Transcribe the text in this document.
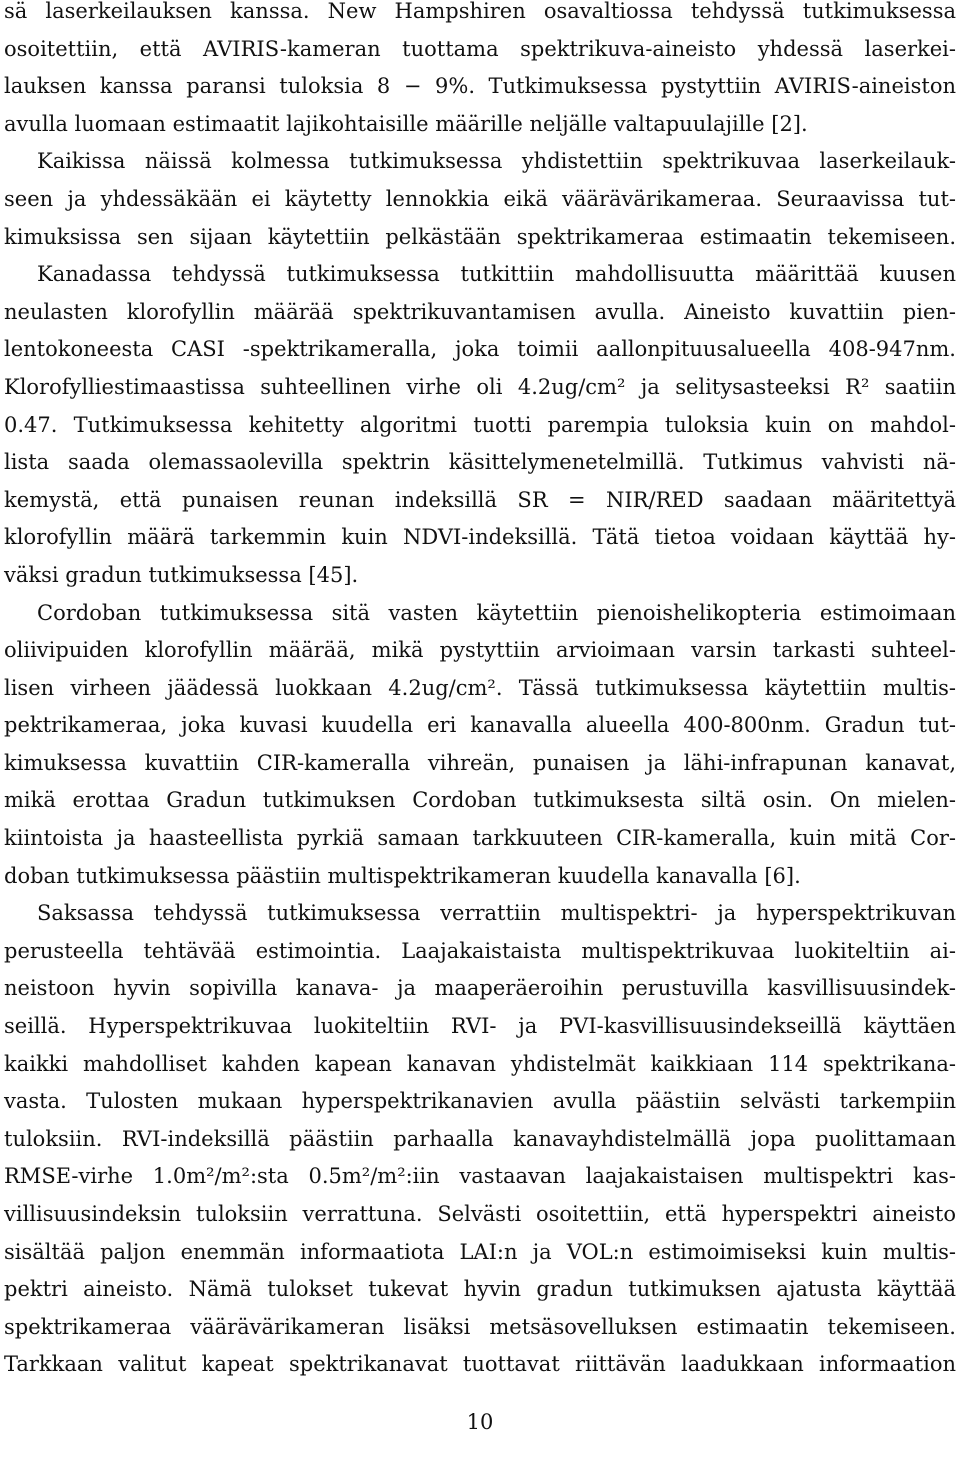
sä laserkeilauksen kanssa. New Hampshiren osavaltiossa tehdyssä tutkimuksessa
osoitettiin, että AVIRIS-kameran tuottama spektrikuva-aineisto yhdessä laserkei-
lauksen kanssa paransi tuloksia 8 − 9%. Tutkimuksessa pystyttiin AVIRIS-aineiston
avulla luomaan estimaatit lajikohtaisille määrille neljälle valtapuulajille [2].

Kaikissa näissä kolmessa tutkimuksessa yhdistettiin spektrikuvaa laserkeilauk-
seen ja yhdessäkään ei käytetty lennokkia eikä väärävärikameraa. Seuraavissa tut-
kimuksissa sen sijaan käytettiin pelkästään spektrikameraa estimaatin tekemiseen.
Kanadassa tehdyssä tutkimuksessa tutkittiin mahdollisuutta määrittää kuusen
neulasten klorofyllin määrää spektrikuvantamisen avulla. Aineisto kuvattiin pien-
lentokoneesta CASI -spektrikameralla, joka toimii aallonpituusalueella 408-947nm.
Klorofylliestimaastissa suhteellinen virhe oli 4.2ug/cm² ja selitysasteeksi R² saatiin
0.47. Tutkimuksessa kehitetty algoritmi tuotti parempia tuloksia kuin on mahdol-
lista saada olemassaolevilla spektrin käsittelymenetelmillä. Tutkimus vahvisti nä-
kemystä, että punaisen reunan indeksillä SR = NIR/RED saadaan määritettyä
klorofyllin määrä tarkemmin kuin NDVI-indeksillä. Tätä tietoa voidaan käyttää hy-
väksi gradun tutkimuksessa [45].

Cordoban tutkimuksessa sitä vasten käytettiin pienoishelikopteria estimoimaan
oliivipuiden klorofyllin määrää, mikä pystyttiin arvioimaan varsin tarkasti suhteel-
lisen virheen jäädessä luokkaan 4.2ug/cm². Tässä tutkimuksessa käytettiin multis-
pektrikameraa, joka kuvasi kuudella eri kanavalla alueella 400-800nm. Gradun tut-
kimuksessa kuvattiin CIR-kameralla vihreän, punaisen ja lähi-infrapunan kanavat,
mikä erottaa Gradun tutkimuksen Cordoban tutkimuksesta siltä osin. On mielen-
kiintoista ja haasteellista pyrkiä samaan tarkkuuteen CIR-kameralla, kuin mitä Cor-
doban tutkimuksessa päästiin multispektrikameran kuudella kanavalla [6].

Saksassa tehdyssä tutkimuksessa verrattiin multispektri- ja hyperspektrikuvan
perusteella tehtävää estimointia. Laajakaistaista multispektrikuvaa luokiteltiin ai-
neistoon hyvin sopivilla kanava- ja maaperäeroihin perustuvilla kasvillisuusindek-
seillä. Hyperspektrikuvaa luokiteltiin RVI- ja PVI-kasvillisuusindekseillä käyttäen
kaikki mahdolliset kahden kapean kanavan yhdistelmät kaikkiaan 114 spektrikana-
vasta. Tulosten mukaan hyperspektrikanavien avulla päästiin selvästi tarkempiin
tuloksiin. RVI-indeksillä päästiin parhaalla kanavayhdistelmällä jopa puolittamaan
RMSE-virhe 1.0m²/m²:sta 0.5m²/m²:iin vastaavan laajakaistaisen multispektri kas-
villisuusindeksin tuloksiin verrattuna. Selvästi osoitettiin, että hyperspektri aineisto
sisältää paljon enemmän informaatiota LAI:n ja VOL:n estimoimiseksi kuin multis-
pektri aineisto. Nämä tulokset tukevat hyvin gradun tutkimuksen ajatusta käyttää
spektrikameraa väärävärikameran lisäksi metsäsovelluksen estimaatin tekemiseen.
Tarkkaan valitut kapeat spektrikanavat tuottavat riittävän laadukkaan informaation

10
